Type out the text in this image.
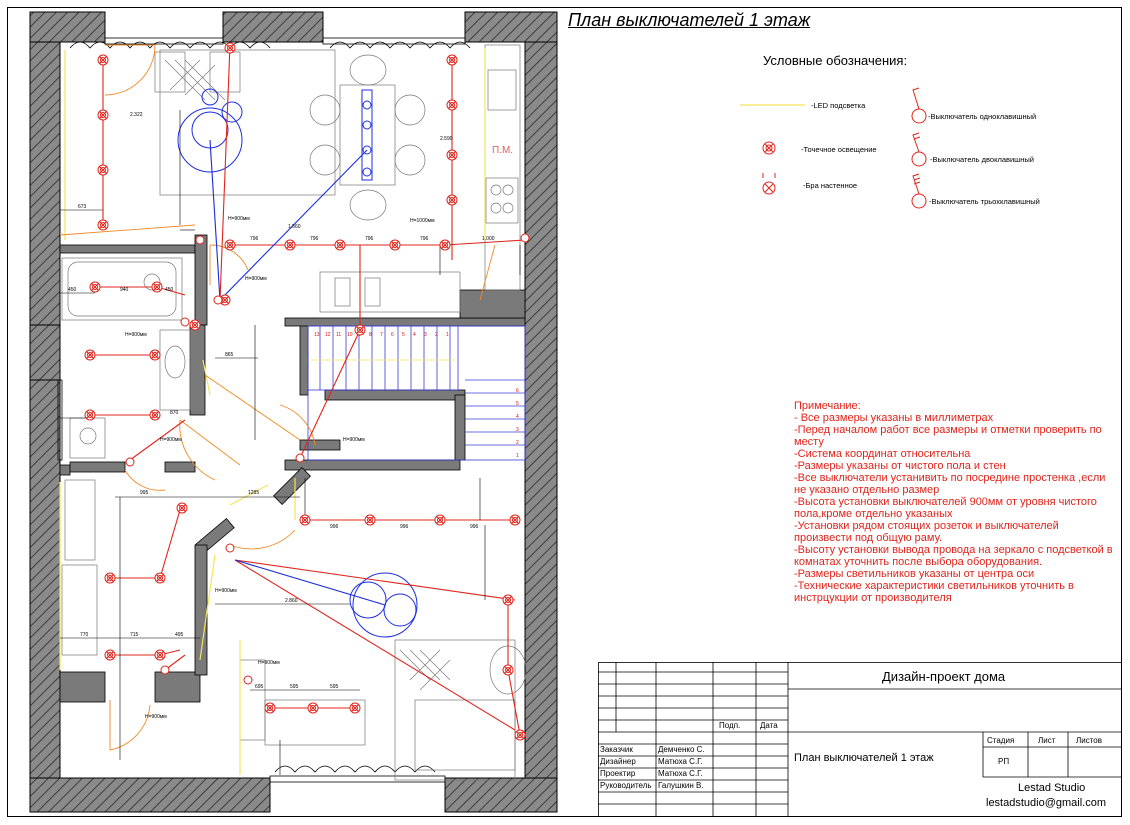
13 12 11 10	8 7 6 5 4 3 2 1
6
5
4
3
2
1
796	796	796	796	1.000
995	1285
996	996	996
770	715	495
450	940	450
695	595	595
2.322
2.860
673
2.590
865
870
1.560
Н=900мм	Н=1000мм
Н=900мм
Н=900мм
Н=900мм	Н=900мм
Н=900мм
Н=900мм
Н=900мм
П.М.
План выключателей 1 этаж
Условные обозначения:
-LED подсветка
-Точечное освещение
-Бра настенное
-Выключатель одноклавишный
-Выключатель двоклавишный
-Выключатель трьохклавишный
Примечание:
- Все размеры указаны в миллиметрах
-Перед началом работ все размеры и отметки проверить по месту
-Система координат относительна
-Размеры указаны от чистого пола и стен
-Все выключатели устанивить по посредине простенка ,если не указано отдельно размер
-Высота установки выключателей 900мм от уровня чистого пола,кроме отдельно указаных
-Установки рядом стоящих розеток и выключателей произвести под общую раму.
-Высоту установки вывода провода на зеркало с подсветкой в комнатах уточнить после выбора оборудования.
-Размеры светильников указаны от центра оси
-Технические характеристики светильников уточнить в инстрцукции от производителя
Подп. Дата
Заказчик	Демченко С.
Дизайнер	Матюха С.Г.
Проектир	Матюха С.Г.
Руководитель Галушкин В.
Дизайн-проект дома
План выключателей 1 этаж
Стадия	Лист	Листов
РП
Lestad Studio
lestadstudio@gmail.com
